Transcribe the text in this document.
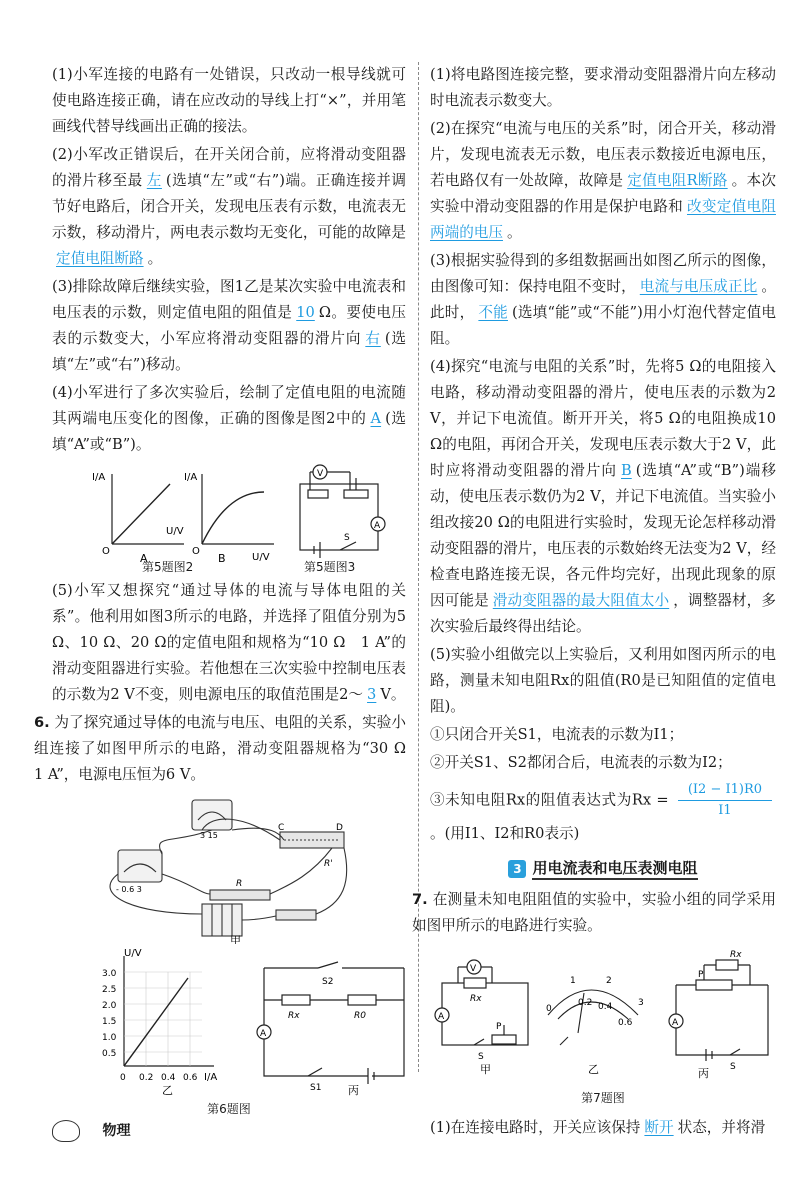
(1)小军连接的电路有一处错误，只改动一根导线就可使电路连接正确，请在应改动的导线上打“×”，并用笔画线代替导线画出正确的接法。

(2)小军改正错误后，在开关闭合前，应将滑动变阻器的滑片移至最 左 (选填“左”或“右”)端。正确连接并调节好电路后，闭合开关，发现电压表有示数，电流表无示数，移动滑片，两电表示数均无变化，可能的故障是定值电阻断路 。

(3)排除故障后继续实验，图1乙是某次实验中电流表和电压表的示数，则定值电阻的阻值是 10 Ω。要使电压表的示数变大，小军应将滑动变阻器的滑片向 右 (选填“左”或“右”)移动。

(4)小军进行了多次实验后，绘制了定值电阻的电流随其两端电压变化的图像，正确的图像是图2中的 A (选填“A”或“B”)。

I/A
U/V
O
A
I/A
U/V
O
B
V
A
S
第5题图2	第5题图3

(5)小军又想探究“通过导体的电流与导体电阻的关系”。他利用如图3所示的电路，并选择了阻值分别为5 Ω、10 Ω、20 Ω的定值电阻和规格为“10 Ω　1 A”的滑动变阻器进行实验。若他想在三次实验中控制电压表的示数为2 V不变，则电源电压的取值范围是2～ 3 V。

6. 为了探究通过导体的电流与电压、电阻的关系，实验小组连接了如图甲所示的电路，滑动变阻器规格为“30 Ω　1 A”，电源电压恒为6 V。

3 15
- 0.6 3
C	D
R'
R
甲
U/V
I/A
3.0
2.5
2.0
1.5
1.0
0.5
0 0.2 0.4 0.6
乙
S2
Rx	R0
A
S1 丙
第6题图

(1)将电路图连接完整，要求滑动变阻器滑片向左移动时电流表示数变大。

(2)在探究“电流与电压的关系”时，闭合开关，移动滑片，发现电流表无示数，电压表示数接近电源电压，若电路仅有一处故障，故障是 定值电阻R断路 。本次实验中滑动变阻器的作用是保护电路和 改变定值电阻两端的电压 。

(3)根据实验得到的多组数据画出如图乙所示的图像，由图像可知：保持电阻不变时， 电流与电压成正比 。此时， 不能 (选填“能”或“不能”)用小灯泡代替定值电阻。

(4)探究“电流与电阻的关系”时，先将5 Ω的电阻接入电路，移动滑动变阻器的滑片，使电压表的示数为2 V，并记下电流值。断开开关，将5 Ω的电阻换成10 Ω的电阻，再闭合开关，发现电压表示数大于2 V，此时应将滑动变阻器的滑片向 B (选填“A”或“B”)端移动，使电压表示数仍为2 V，并记下电流值。当实验小组改接20 Ω的电阻进行实验时，发现无论怎样移动滑动变阻器的滑片，电压表的示数始终无法变为2 V，经检查电路连接无误，各元件均完好，出现此现象的原因可能是 滑动变阻器的最大阻值太小 ，调整器材，多次实验后最终得出结论。

(5)实验小组做完以上实验后，又利用如图丙所示的电路，测量未知电阻Rx的阻值(R0是已知阻值的定值电阻)。

①只闭合开关S1，电流表的示数为I1；

②开关S1、S2都闭合后，电流表的示数为I2；

③未知电阻Rx的阻值表达式为$Rx = \frac{(I2 - I1)R0}{I1}$
。(用I1、I2和R0表示)

3 用电流表和电压表测电阻

7. 在测量未知电阻阻值的实验中，实验小组的同学采用如图甲所示的电路进行实验。

V
A
Rx
P
S
甲
0
1	2
3
0.2 0.4
0.6
乙
Rx
P
A
S
丙
第7题图

(1)在连接电路时，开关应该保持 断开 状态，并将滑

物理
